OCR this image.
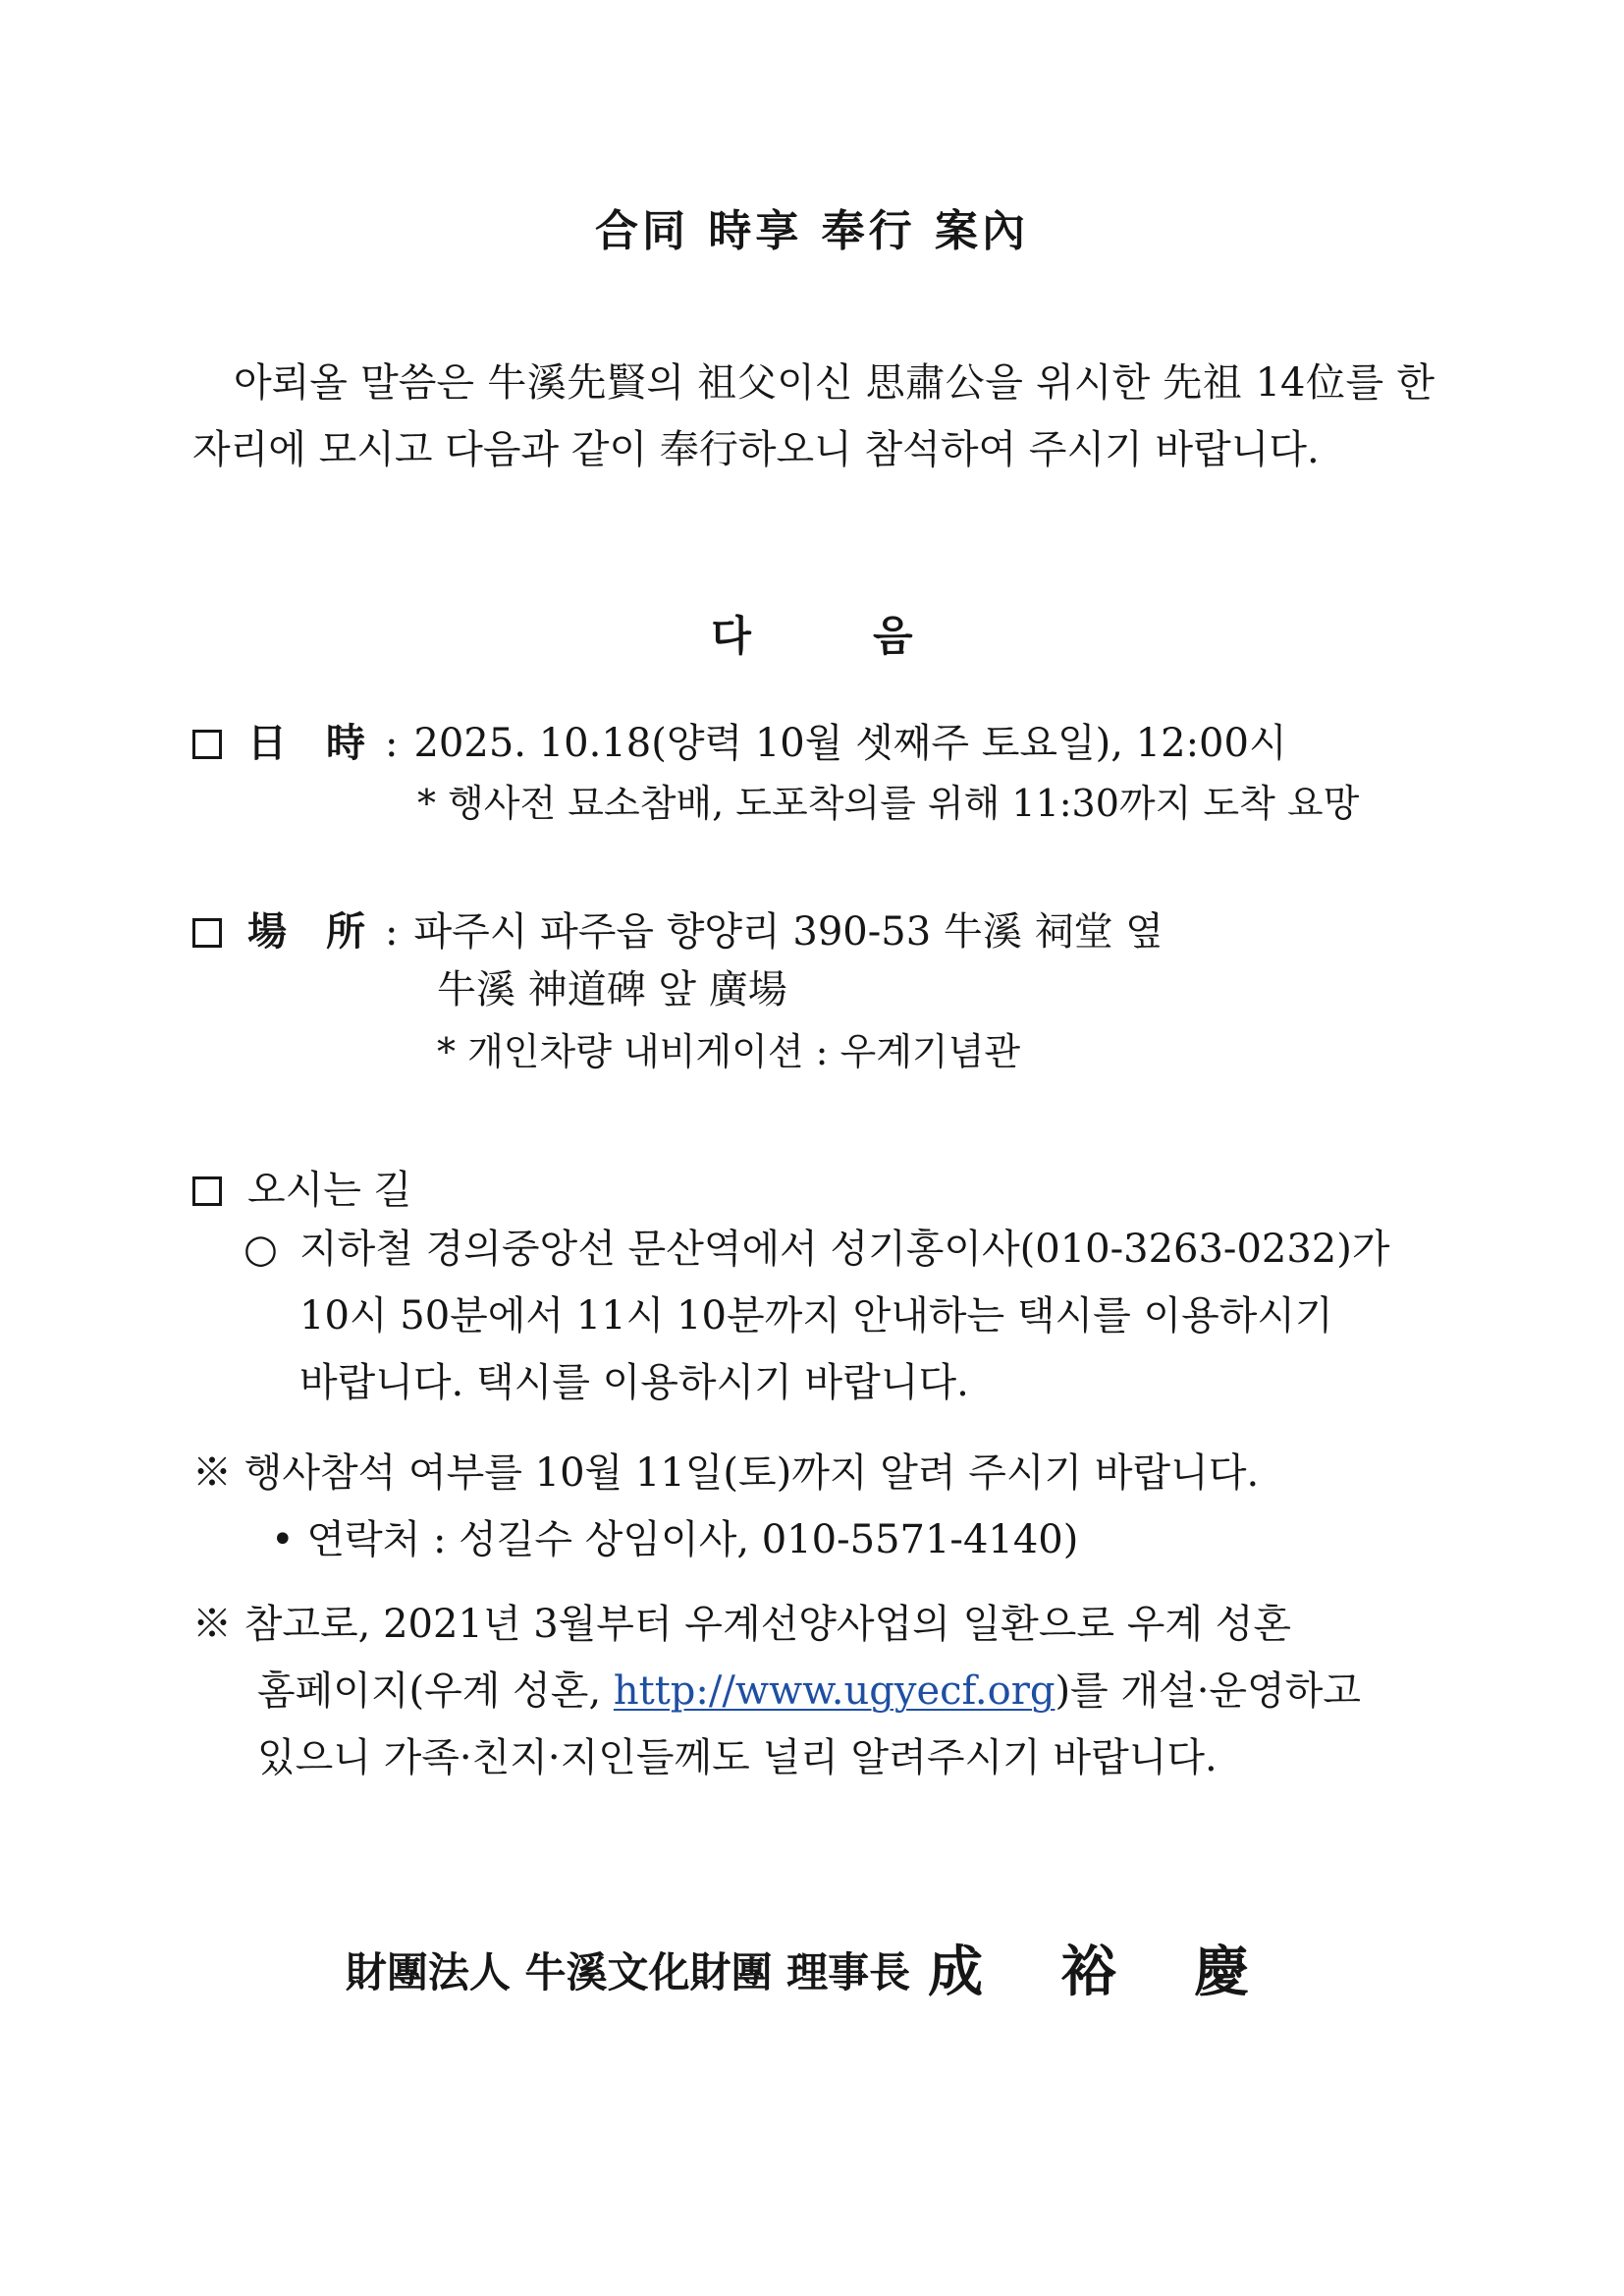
合同 時享 奉行 案內
아뢰올 말씀은 牛溪先賢의 祖父이신 思肅公을 위시한 先祖 14位를 한자리에 모시고 다음과 같이 奉行하오니 참석하여 주시기 바랍니다.
다	음
日　時 : 2025. 10.18(양력 10월 셋째주 토요일), 12:00시
* 행사전 묘소참배, 도포착의를 위해 11:30까지 도착 요망
場　所 : 파주시 파주읍 향양리 390-53 牛溪 祠堂 옆
牛溪 神道碑 앞 廣場
* 개인차량 내비게이션 : 우계기념관
오시는 길
○ 지하철 경의중앙선 문산역에서 성기홍이사(010-3263-0232)가
10시 50분에서 11시 10분까지 안내하는 택시를 이용하시기
바랍니다. 택시를 이용하시기 바랍니다.
※ 행사참석 여부를 10월 11일(토)까지 알려 주시기 바랍니다.
• 연락처 : 성길수 상임이사, 010-5571-4140)
※ 참고로, 2021년 3월부터 우계선양사업의 일환으로 우계 성혼
홈페이지(우계 성혼, http://www.ugyecf.org)를 개설·운영하고
있으니 가족·친지·지인들께도 널리 알려주시기 바랍니다.
財團法人 牛溪文化財團 理事長 成 裕 慶
